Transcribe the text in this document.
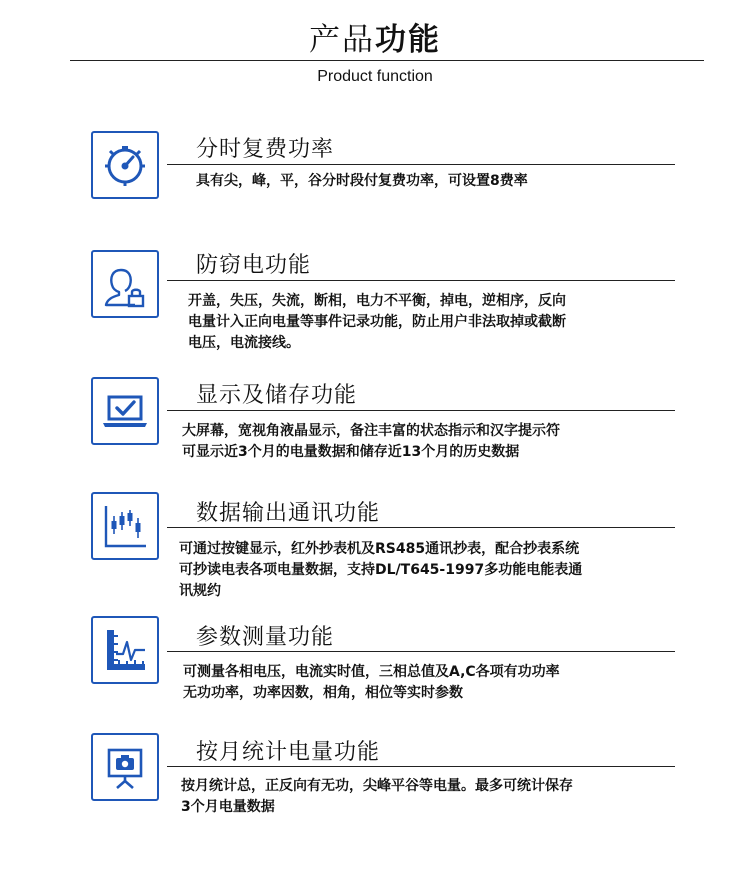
产品功能
Product function
分时复费功率
具有尖，峰，平，谷分时段付复费功率，可设置8费率
防窃电功能
开盖，失压，失流，断相，电力不平衡，掉电，逆相序，反向
电量计入正向电量等事件记录功能，防止用户非法取掉或截断
电压，电流接线。
显示及储存功能
大屏幕，宽视角液晶显示，备注丰富的状态指示和汉字提示符
可显示近3个月的电量数据和储存近13个月的历史数据
数据输出通讯功能
可通过按键显示，红外抄表机及RS485通讯抄表，配合抄表系统
可抄读电表各项电量数据，支持DL/T645-1997多功能电能表通
讯规约
参数测量功能
可测量各相电压，电流实时值，三相总值及A,C各项有功功率
无功功率，功率因数，相角，相位等实时参数
按月统计电量功能
按月统计总，正反向有无功，尖峰平谷等电量。最多可统计保存
3个月电量数据
